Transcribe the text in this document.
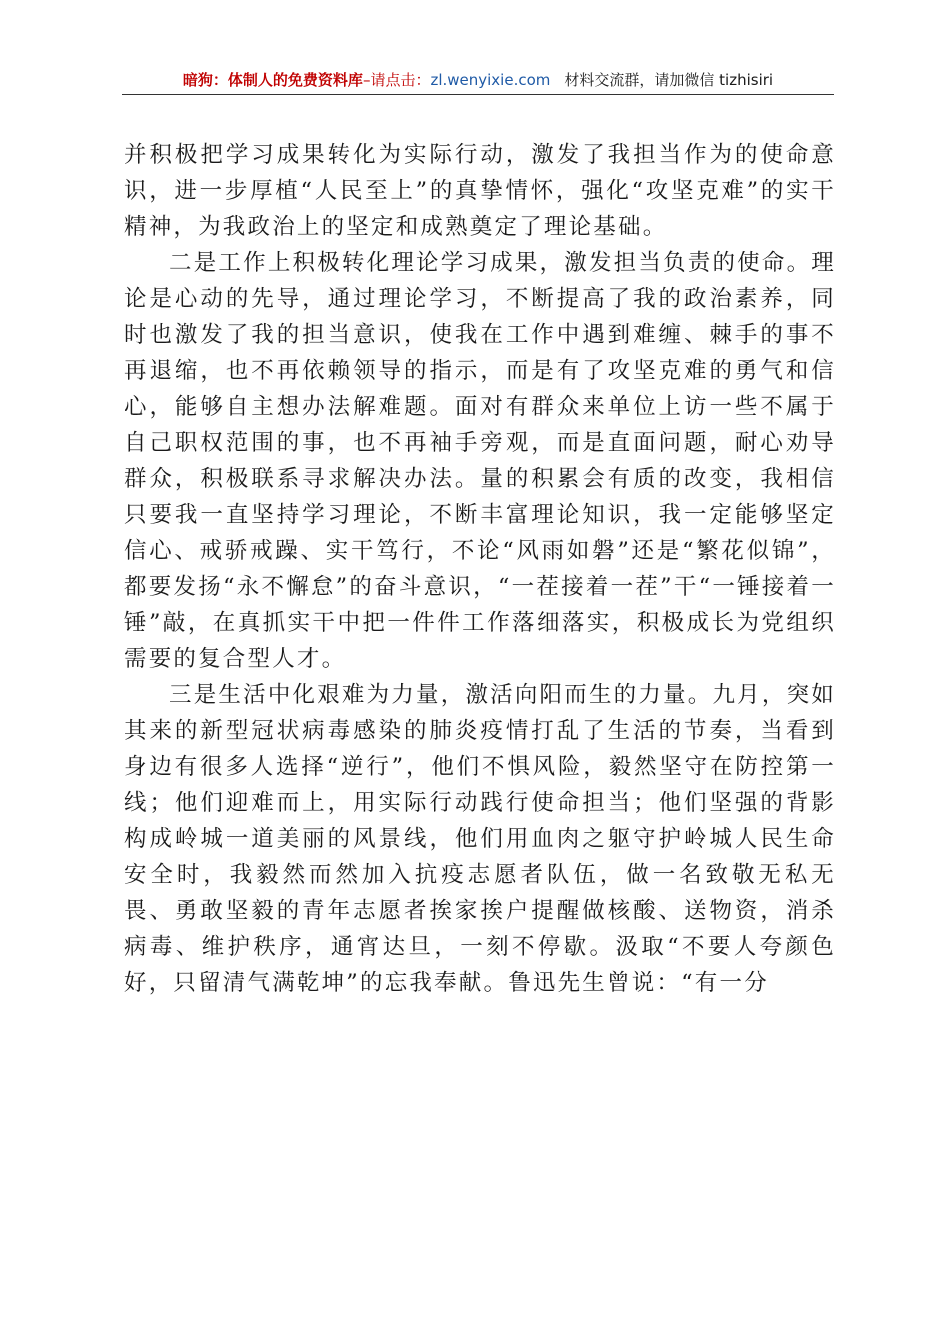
暗狗：体制人的免费资料库–请点击：zl.wenyixie.com 材料交流群，请加微信 tizhisiri

并积极把学习成果转化为实际行动，激发了我担当作为的使命意识，进一步厚植“人民至上”的真挚情怀，强化“攻坚克难”的实干精神，为我政治上的坚定和成熟奠定了理论基础。

二是工作上积极转化理论学习成果，激发担当负责的使命。理论是心动的先导，通过理论学习，不断提高了我的政治素养，同时也激发了我的担当意识，使我在工作中遇到难缠、棘手的事不再退缩，也不再依赖领导的指示，而是有了攻坚克难的勇气和信心，能够自主想办法解难题。面对有群众来单位上访一些不属于自己职权范围的事，也不再袖手旁观，而是直面问题，耐心劝导群众，积极联系寻求解决办法。量的积累会有质的改变，我相信只要我一直坚持学习理论，不断丰富理论知识，我一定能够坚定信心、戒骄戒躁、实干笃行，不论“风雨如磐”还是“繁花似锦”，都要发扬“永不懈怠”的奋斗意识，“一茬接着一茬”干“一锤接着一锤”敲，在真抓实干中把一件件工作落细落实，积极成长为党组织需要的复合型人才。

三是生活中化艰难为力量，激活向阳而生的力量。九月，突如其来的新型冠状病毒感染的肺炎疫情打乱了生活的节奏，当看到身边有很多人选择“逆行”，他们不惧风险，毅然坚守在防控第一线；他们迎难而上，用实际行动践行使命担当；他们坚强的背影构成岭城一道美丽的风景线，他们用血肉之躯守护岭城人民生命安全时，我毅然而然加入抗疫志愿者队伍，做一名致敬无私无畏、勇敢坚毅的青年志愿者挨家挨户提醒做核酸、送物资，消杀病毒、维护秩序，通宵达旦，一刻不停歇。汲取“不要人夸颜色好，只留清气满乾坤”的忘我奉献。鲁迅先生曾说：“有一分
